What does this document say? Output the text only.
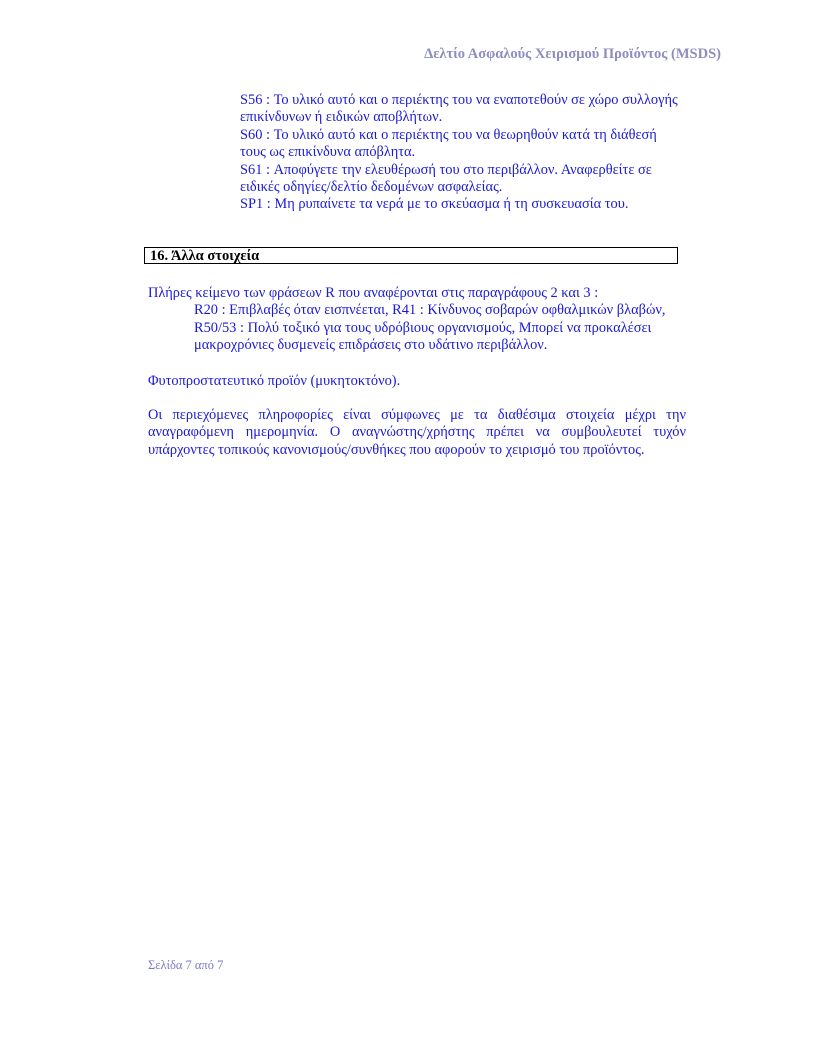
Δελτίο Ασφαλούς Χειρισμού Προϊόντος (MSDS)

S56 : Το υλικό αυτό και ο περιέκτης του να εναποτεθούν σε χώρο συλλογής επικίνδυνων ή ειδικών αποβλήτων.

S60 : Το υλικό αυτό και ο περιέκτης του να θεωρηθούν κατά τη διάθεσή τους ως επικίνδυνα απόβλητα.

S61 : Αποφύγετε την ελευθέρωσή του στο περιβάλλον. Αναφερθείτε σε ειδικές οδηγίες/δελτίο δεδομένων ασφαλείας.

SP1 : Μη ρυπαίνετε τα νερά με το σκεύασμα ή τη συσκευασία του.

16. Άλλα στοιχεία

Πλήρες κείμενο των φράσεων R που αναφέρονται στις παραγράφους 2 και 3 :

R20 : Επιβλαβές όταν εισπνέεται, R41 : Κίνδυνος σοβαρών οφθαλμικών βλαβών, R50/53 : Πολύ τοξικό για τους υδρόβιους οργανισμούς, Μπορεί να προκαλέσει μακροχρόνιες δυσμενείς επιδράσεις στο υδάτινο περιβάλλον.

Φυτοπροστατευτικό προϊόν (μυκητοκτόνο).

Οι περιεχόμενες πληροφορίες είναι σύμφωνες με τα διαθέσιμα στοιχεία μέχρι την αναγραφόμενη ημερομηνία. Ο αναγνώστης/χρήστης πρέπει να συμβουλευτεί τυχόν υπάρχοντες τοπικούς κανονισμούς/συνθήκες που αφορούν το χειρισμό του προϊόντος.

Σελίδα 7 από 7
